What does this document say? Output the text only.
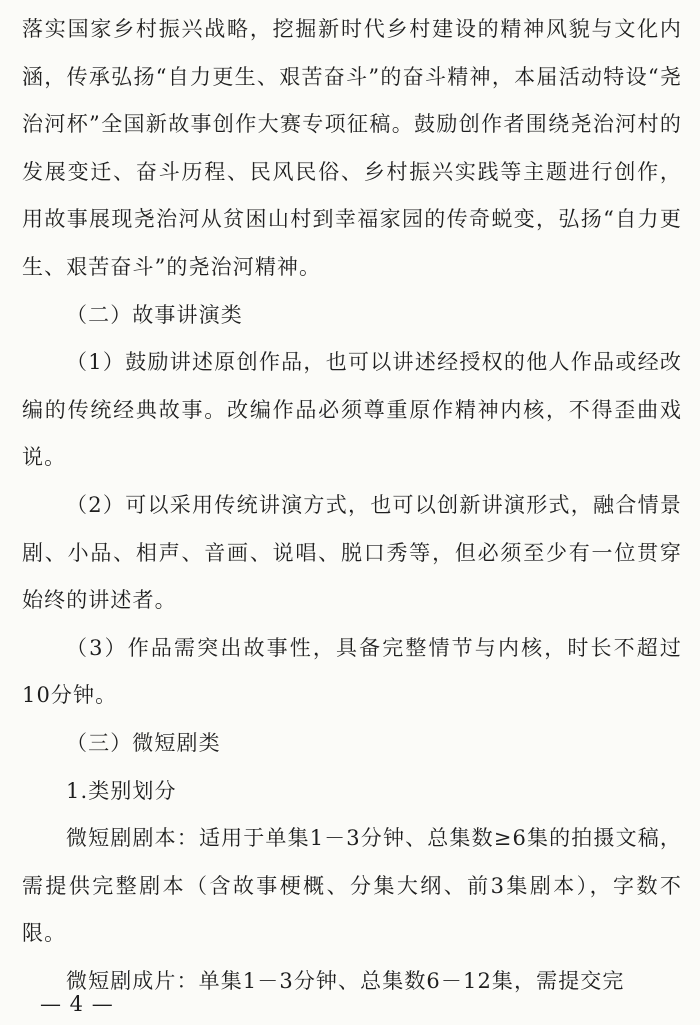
落实国家乡村振兴战略，挖掘新时代乡村建设的精神风貌与文化内涵，传承弘扬“自力更生、艰苦奋斗”的奋斗精神，本届活动特设“尧治河杯”全国新故事创作大赛专项征稿。鼓励创作者围绕尧治河村的发展变迁、奋斗历程、民风民俗、乡村振兴实践等主题进行创作，用故事展现尧治河从贫困山村到幸福家园的传奇蜕变，弘扬“自力更生、艰苦奋斗”的尧治河精神。

（二）故事讲演类

（1）鼓励讲述原创作品，也可以讲述经授权的他人作品或经改编的传统经典故事。改编作品必须尊重原作精神内核，不得歪曲戏说。

（2）可以采用传统讲演方式，也可以创新讲演形式，融合情景剧、小品、相声、音画、说唱、脱口秀等，但必须至少有一位贯穿始终的讲述者。

（3）作品需突出故事性，具备完整情节与内核，时长不超过10分钟。

（三）微短剧类

1.类别划分

微短剧剧本：适用于单集1－3分钟、总集数≥6集的拍摄文稿，需提供完整剧本（含故事梗概、分集大纲、前3集剧本），字数不限。

微短剧成片：单集1－3分钟、总集数6－12集，需提交完

— 4 —
